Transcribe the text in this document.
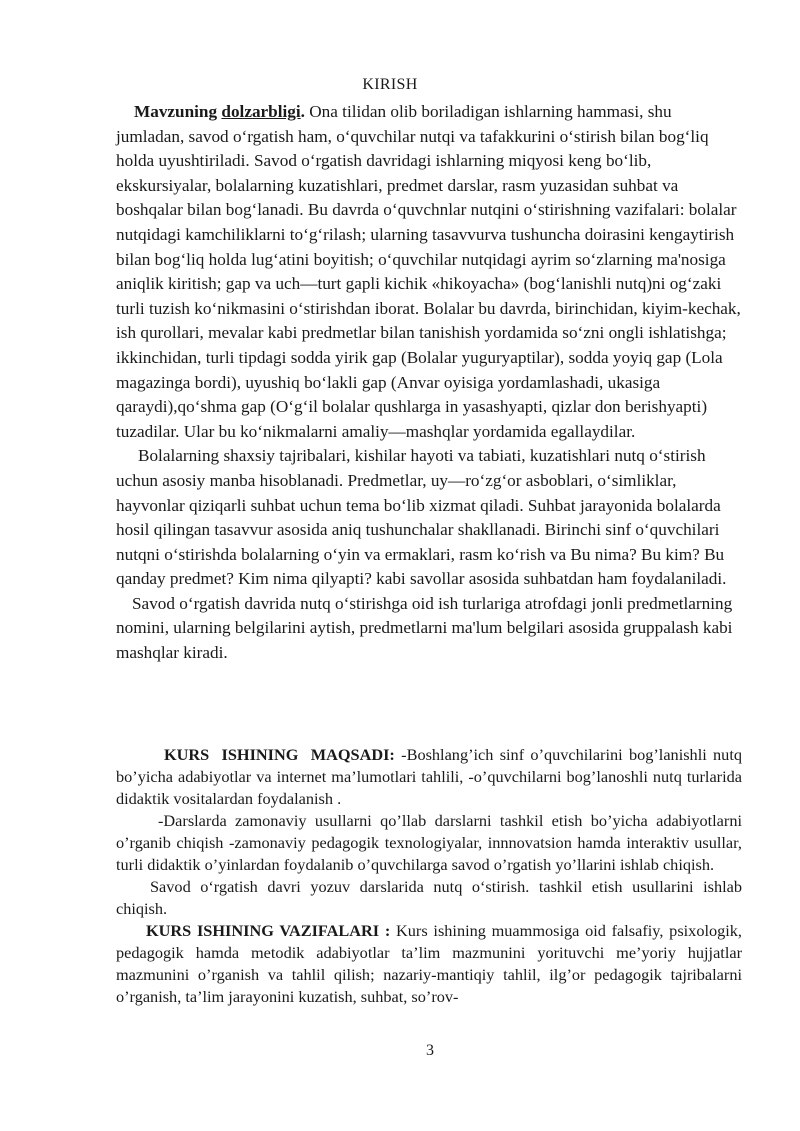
KIRISH

Mavzuning dolzarbligi. Ona tilidan olib boriladigan ishlarning hammasi, shu jumladan, savod oʻrgatish ham, oʻquvchilar nutqi va tafakkurini oʻstirish bilan bogʻliq holda uyushtiriladi. Savod oʻrgatish davridagi ishlarning miqyosi keng boʻlib, ekskursiyalar, bolalarning kuzatishlari, predmet darslar, rasm yuzasidan suhbat va boshqalar bilan bogʻlanadi. Bu davrda oʻquvchnlar nutqini oʻstirishning vazifalari: bolalar nutqidagi kamchiliklarni toʻgʻrilash; ularning tasavvurva tushuncha doirasini kengaytirish bilan bogʻliq holda lugʻatini boyitish; oʻquvchilar nutqidagi ayrim soʻzlarning ma'nosiga aniqlik kiritish; gap va uch—turt gapli kichik «hikoyacha» (bogʻlanishli nutq)ni ogʻzaki turli tuzish koʻnikmasini oʻstirishdan iborat. Bolalar bu davrda, birinchidan, kiyim-kechak, ish qurollari, mevalar kabi predmetlar bilan tanishish yordamida soʻzni ongli ishlatishga; ikkinchidan, turli tipdagi sodda yirik gap (Bolalar yuguryaptilar), sodda yoyiq gap (Lola magazinga bordi), uyushiq boʻlakli gap (Anvar oyisiga yordamlashadi, ukasiga qaraydi),qoʻshma gap (Oʻgʻil bolalar qushlarga in yasashyapti, qizlar don berishyapti) tuzadilar. Ular bu koʻnikmalarni amaliy—mashqlar yordamida egallaydilar.

Bolalarning shaxsiy tajribalari, kishilar hayoti va tabiati, kuzatishlari nutq oʻstirish uchun asosiy manba hisoblanadi. Predmetlar, uy—roʻzgʻor asboblari, oʻsimliklar, hayvonlar qiziqarli suhbat uchun tema boʻlib xizmat qiladi. Suhbat jarayonida bolalarda hosil qilingan tasavvur asosida aniq tushunchalar shakllanadi. Birinchi sinf oʻquvchilari nutqni oʻstirishda bolalarning oʻyin va ermaklari, rasm koʻrish va Bu nima? Bu kim? Bu qanday predmet? Kim nima qilyapti? kabi savollar asosida suhbatdan ham foydalaniladi.

Savod oʻrgatish davrida nutq oʻstirishga oid ish turlariga atrofdagi jonli predmetlarning nomini, ularning belgilarini aytish, predmetlarni ma'lum belgilari asosida gruppalash kabi mashqlar kiradi.

KURS ISHINING MAQSADI: -Boshlang’ich sinf o’quvchilarini bog’lanishli nutq bo’yicha adabiyotlar va internet ma’lumotlari tahlili, -o’quvchilarni bog’lanoshli nutq turlarida didaktik vositalardan foydalanish .

-Darslarda zamonaviy usullarni qo’llab darslarni tashkil etish bo’yicha adabiyotlarni o’rganib chiqish -zamonaviy pedagogik texnologiyalar, innnovatsion hamda interaktiv usullar, turli didaktik o’yinlardan foydalanib o’quvchilarga savod o’rgatish yo’llarini ishlab chiqish.

Savod oʻrgatish davri yozuv darslarida nutq oʻstirish. tashkil etish usullarini ishlab chiqish.

KURS ISHINING VAZIFALARI : Kurs ishining muammosiga oid falsafiy, psixologik, pedagogik hamda metodik adabiyotlar ta’lim mazmunini yorituvchi me’yoriy hujjatlar mazmunini o’rganish va tahlil qilish; nazariy-mantiqiy tahlil, ilg’or pedagogik tajribalarni o’rganish, ta’lim jarayonini kuzatish, suhbat, so’rov-

3
